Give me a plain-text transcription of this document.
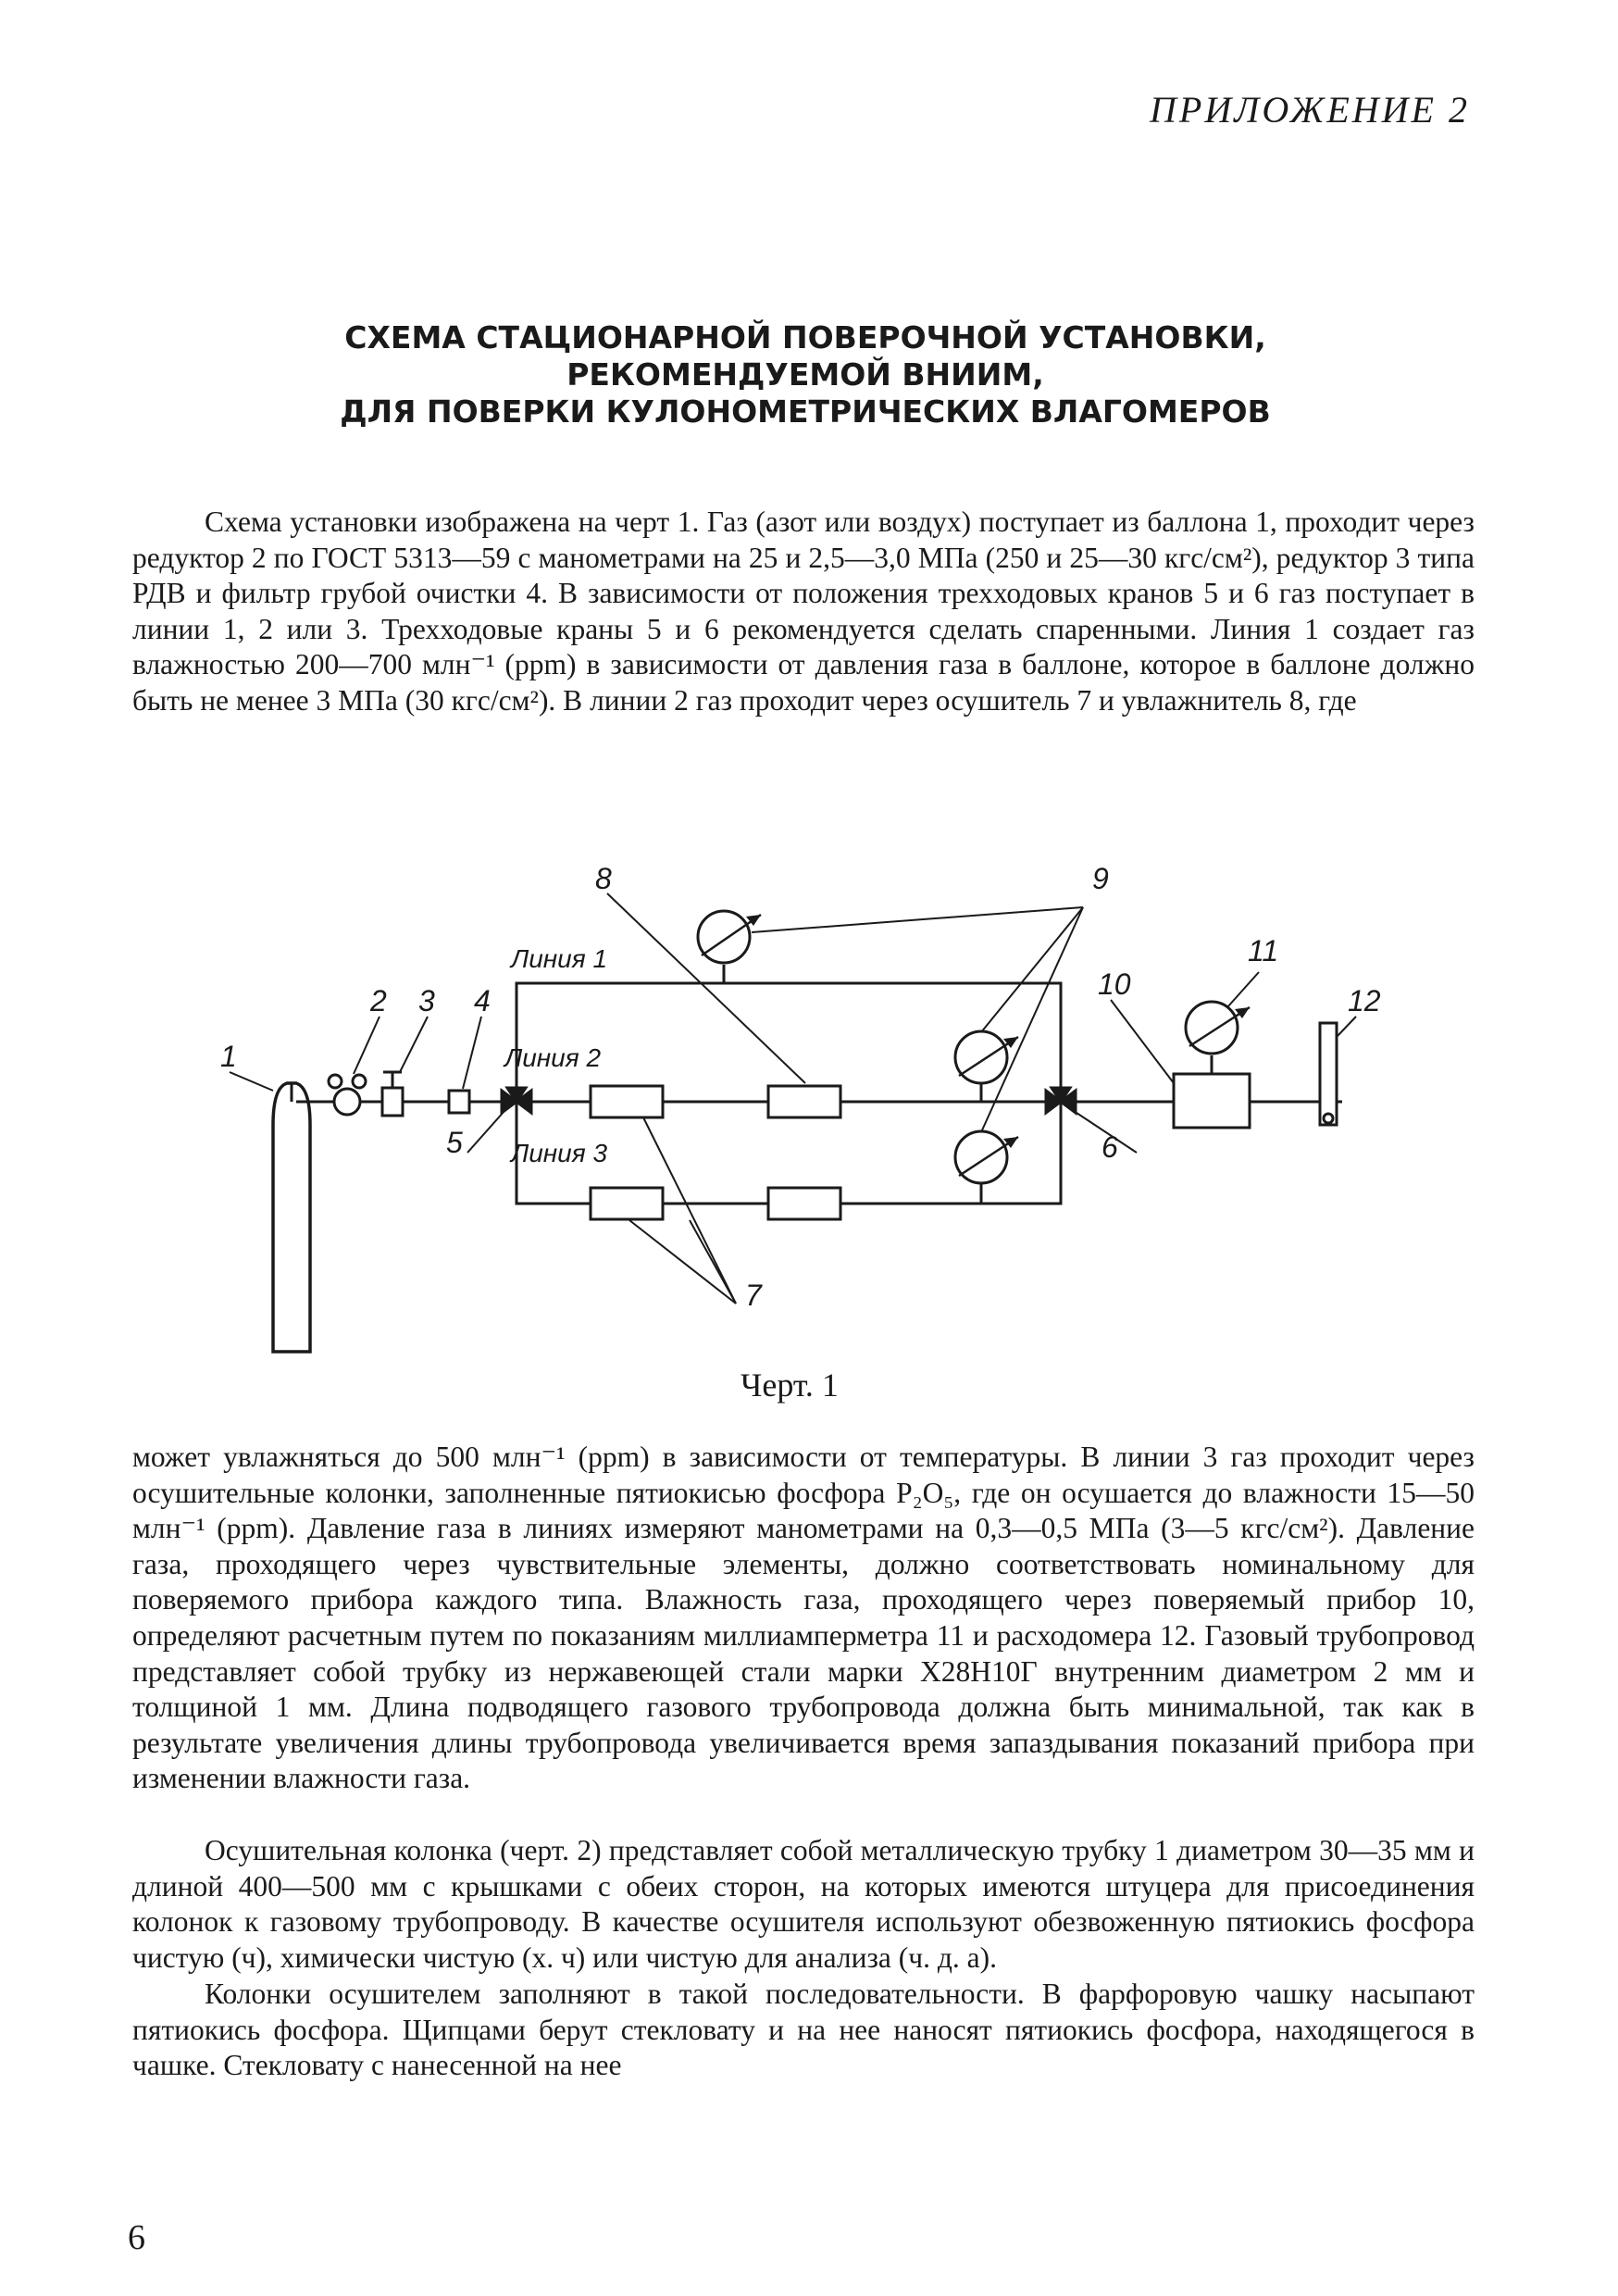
ПРИЛОЖЕНИЕ 2
СХЕМА СТАЦИОНАРНОЙ ПОВЕРОЧНОЙ УСТАНОВКИ,
РЕКОМЕНДУЕМОЙ ВНИИМ,
ДЛЯ ПОВЕРКИ КУЛОНОМЕТРИЧЕСКИХ ВЛАГОМЕРОВ

Схема установки изображена на черт 1. Газ (азот или воздух) поступает из баллона 1, проходит через редуктор 2 по ГОСТ 5313—59 с манометрами на 25 и 2,5—3,0 МПа (250 и 25—30 кгс/см²), редуктор 3 типа РДВ и фильтр грубой очистки 4. В зависимости от положения трехходовых кранов 5 и 6 газ поступает в линии 1, 2 или 3. Трехходовые краны 5 и 6 рекомендуется сделать спаренными. Линия 1 создает газ влажностью 200—700 млн⁻¹ (ppm) в зависимости от давления газа в баллоне, которое в баллоне должно быть не менее 3 МПа (30 кгс/см²). В линии 2 газ проходит через осушитель 7 и увлажнитель 8, где

1
2 3 4
5	6
7
8	9
10
11
12
Линия 1
Линия 2
Линия 3
Черт. 1

может увлажняться до 500 млн⁻¹ (ppm) в зависимости от температуры. В линии 3 газ проходит через осушительные колонки, заполненные пятиокисью фосфора P₂O₅, где он осушается до влажности 15—50 млн⁻¹ (ppm). Давление газа в линиях измеряют манометрами на 0,3—0,5 МПа (3—5 кгс/см²). Давление газа, проходящего через чувствительные элементы, должно соответствовать номинальному для поверяемого прибора каждого типа. Влажность газа, проходящего через поверяемый прибор 10, определяют расчетным путем по показаниям миллиамперметра 11 и расходомера 12. Газовый трубопровод представляет собой трубку из нержавеющей стали марки Х28Н10Г внутренним диаметром 2 мм и толщиной 1 мм. Длина подводящего газового трубопровода должна быть минимальной, так как в результате увеличения длины трубопровода увеличивается время запаздывания показаний прибора при изменении влажности газа.

Осушительная колонка (черт. 2) представляет собой металлическую трубку 1 диаметром 30—35 мм и длиной 400—500 мм с крышками с обеих сторон, на которых имеются штуцера для присоединения колонок к газовому трубопроводу. В качестве осушителя используют обезвоженную пятиокись фосфора чистую (ч), химически чистую (х. ч) или чистую для анализа (ч. д. а).

Колонки осушителем заполняют в такой последовательности. В фарфоровую чашку насыпают пятиокись фосфора. Щипцами берут стекловату и на нее наносят пятиокись фосфора, находящегося в чашке. Стекловату с нанесенной на нее

6
